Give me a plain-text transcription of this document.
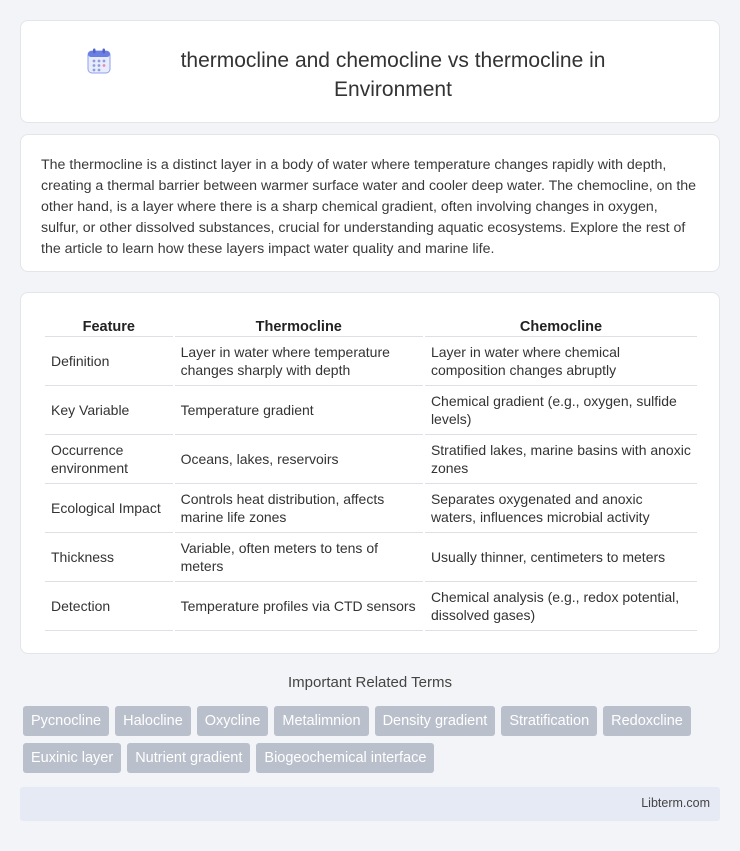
thermocline and chemocline vs thermocline in Environment

The thermocline is a distinct layer in a body of water where temperature changes rapidly with depth, creating a thermal barrier between warmer surface water and cooler deep water. The chemocline, on the other hand, is a layer where there is a sharp chemical gradient, often involving changes in oxygen, sulfur, or other dissolved substances, crucial for understanding aquatic ecosystems. Explore the rest of the article to learn how these layers impact water quality and marine life.

Feature	Thermocline	Chemocline
Definition	Layer in water where temperature changes sharply with depth	Layer in water where chemical composition changes abruptly
Key Variable	Temperature gradient	Chemical gradient (e.g., oxygen, sulfide levels)
Occurrence environment	Oceans, lakes, reservoirs	Stratified lakes, marine basins with anoxic zones
Ecological Impact	Controls heat distribution, affects marine life zones	Separates oxygenated and anoxic waters, influences microbial activity
Thickness	Variable, often meters to tens of meters	Usually thinner, centimeters to meters
Detection	Temperature profiles via CTD sensors	Chemical analysis (e.g., redox potential, dissolved gases)
Important Related Terms
Pycnocline	Halocline	Oxycline	Metalimnion	Density gradient	Stratification	Redoxcline
Euxinic layer	Nutrient gradient	Biogeochemical interface
Libterm.com
